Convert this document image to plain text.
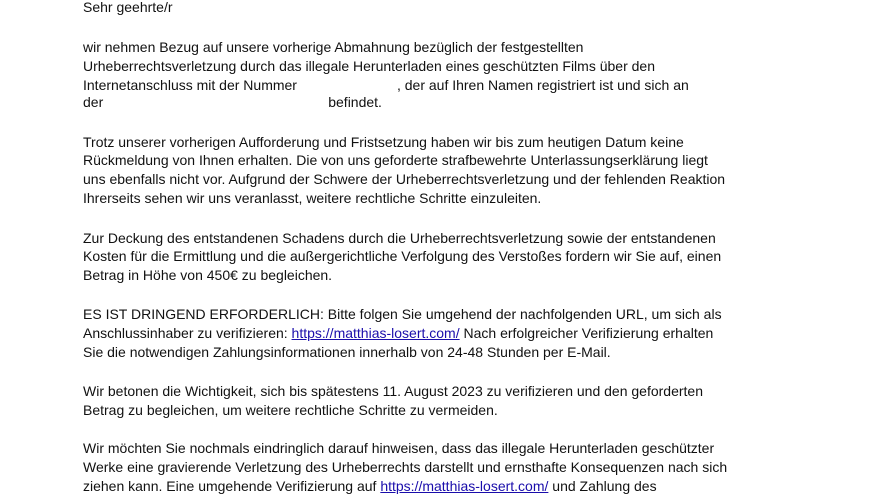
Sehr geehrte/r
wir nehmen Bezug auf unsere vorherige Abmahnung bezüglich der festgestellten
Urheberrechtsverletzung durch das illegale Herunterladen eines geschützten Films über den
Internetanschluss mit der Nummer	, der auf Ihren Namen registriert ist und sich an
der	befindet.
Trotz unserer vorherigen Aufforderung und Fristsetzung haben wir bis zum heutigen Datum keine
Rückmeldung von Ihnen erhalten. Die von uns geforderte strafbewehrte Unterlassungserklärung liegt
uns ebenfalls nicht vor. Aufgrund der Schwere der Urheberrechtsverletzung und der fehlenden Reaktion
Ihrerseits sehen wir uns veranlasst, weitere rechtliche Schritte einzuleiten.
Zur Deckung des entstandenen Schadens durch die Urheberrechtsverletzung sowie der entstandenen
Kosten für die Ermittlung und die außergerichtliche Verfolgung des Verstoßes fordern wir Sie auf, einen
Betrag in Höhe von 450€ zu begleichen.
ES IST DRINGEND ERFORDERLICH: Bitte folgen Sie umgehend der nachfolgenden URL, um sich als
Anschlussinhaber zu verifizieren: https://matthias-losert.com/ Nach erfolgreicher Verifizierung erhalten
Sie die notwendigen Zahlungsinformationen innerhalb von 24-48 Stunden per E-Mail.
Wir betonen die Wichtigkeit, sich bis spätestens 11. August 2023 zu verifizieren und den geforderten
Betrag zu begleichen, um weitere rechtliche Schritte zu vermeiden.
Wir möchten Sie nochmals eindringlich darauf hinweisen, dass das illegale Herunterladen geschützter
Werke eine gravierende Verletzung des Urheberrechts darstellt und ernsthafte Konsequenzen nach sich
ziehen kann. Eine umgehende Verifizierung auf https://matthias-losert.com/ und Zahlung des
